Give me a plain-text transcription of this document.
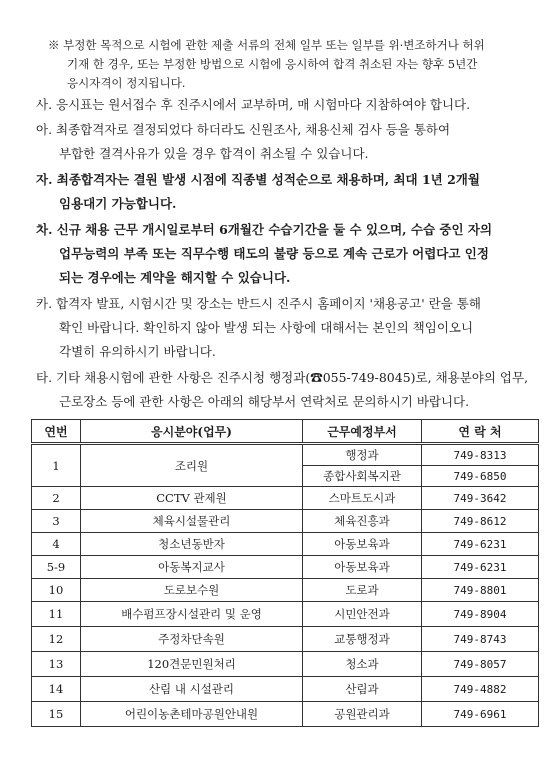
※ 부정한 목적으로 시험에 관한 제출 서류의 전체 일부 또는 일부를 위·변조하거나 허위
기재 한 경우, 또는 부정한 방법으로 시험에 응시하여 합격 취소된 자는 향후 5년간
응시자격이 정지됩니다.
사. 응시표는 원서접수 후 진주시에서 교부하며, 매 시험마다 지참하여야 합니다.
아. 최종합격자로 결정되었다 하더라도 신원조사, 채용신체 검사 등을 통하여
부합한 결격사유가 있을 경우 합격이 취소될 수 있습니다.
자. 최종합격자는 결원 발생 시점에 직종별 성적순으로 채용하며, 최대 1년 2개월
임용대기 가능합니다.
차. 신규 채용 근무 개시일로부터 6개월간 수습기간을 둘 수 있으며, 수습 중인 자의
업무능력의 부족 또는 직무수행 태도의 불량 등으로 계속 근로가 어렵다고 인정
되는 경우에는 계약을 해지할 수 있습니다.
카. 합격자 발표, 시험시간 및 장소는 반드시 진주시 홈페이지 '채용공고' 란을 통해
확인 바랍니다. 확인하지 않아 발생 되는 사항에 대해서는 본인의 책임이오니
각별히 유의하시기 바랍니다.
타. 기타 채용시험에 관한 사항은 진주시청 행정과(☎055-749-8045)로, 채용분야의 업무,
근로장소 등에 관한 사항은 아래의 해당부서 연락처로 문의하시기 바랍니다.
연번	응시분야(업무)	근무예정부서	연 락 처
1	조리원	행정과	749-8313
		종합사회복지관	749-6850
2	CCTV 관제원	스마트도시과	749-3642
3	체육시설물관리	체육진흥과	749-8612
4	청소년동반자	아동보육과	749-6231
5-9	아동복지교사	아동보육과	749-6231
10	도로보수원	도로과	749-8801
11	배수펌프장시설관리 및 운영	시민안전과	749-8904
12	주정차단속원	교통행정과	749-8743
13	120견문민원처리	청소과	749-8057
14	산림 내 시설관리	산림과	749-4882
15	어린이농촌테마공원안내원	공원관리과	749-6961
